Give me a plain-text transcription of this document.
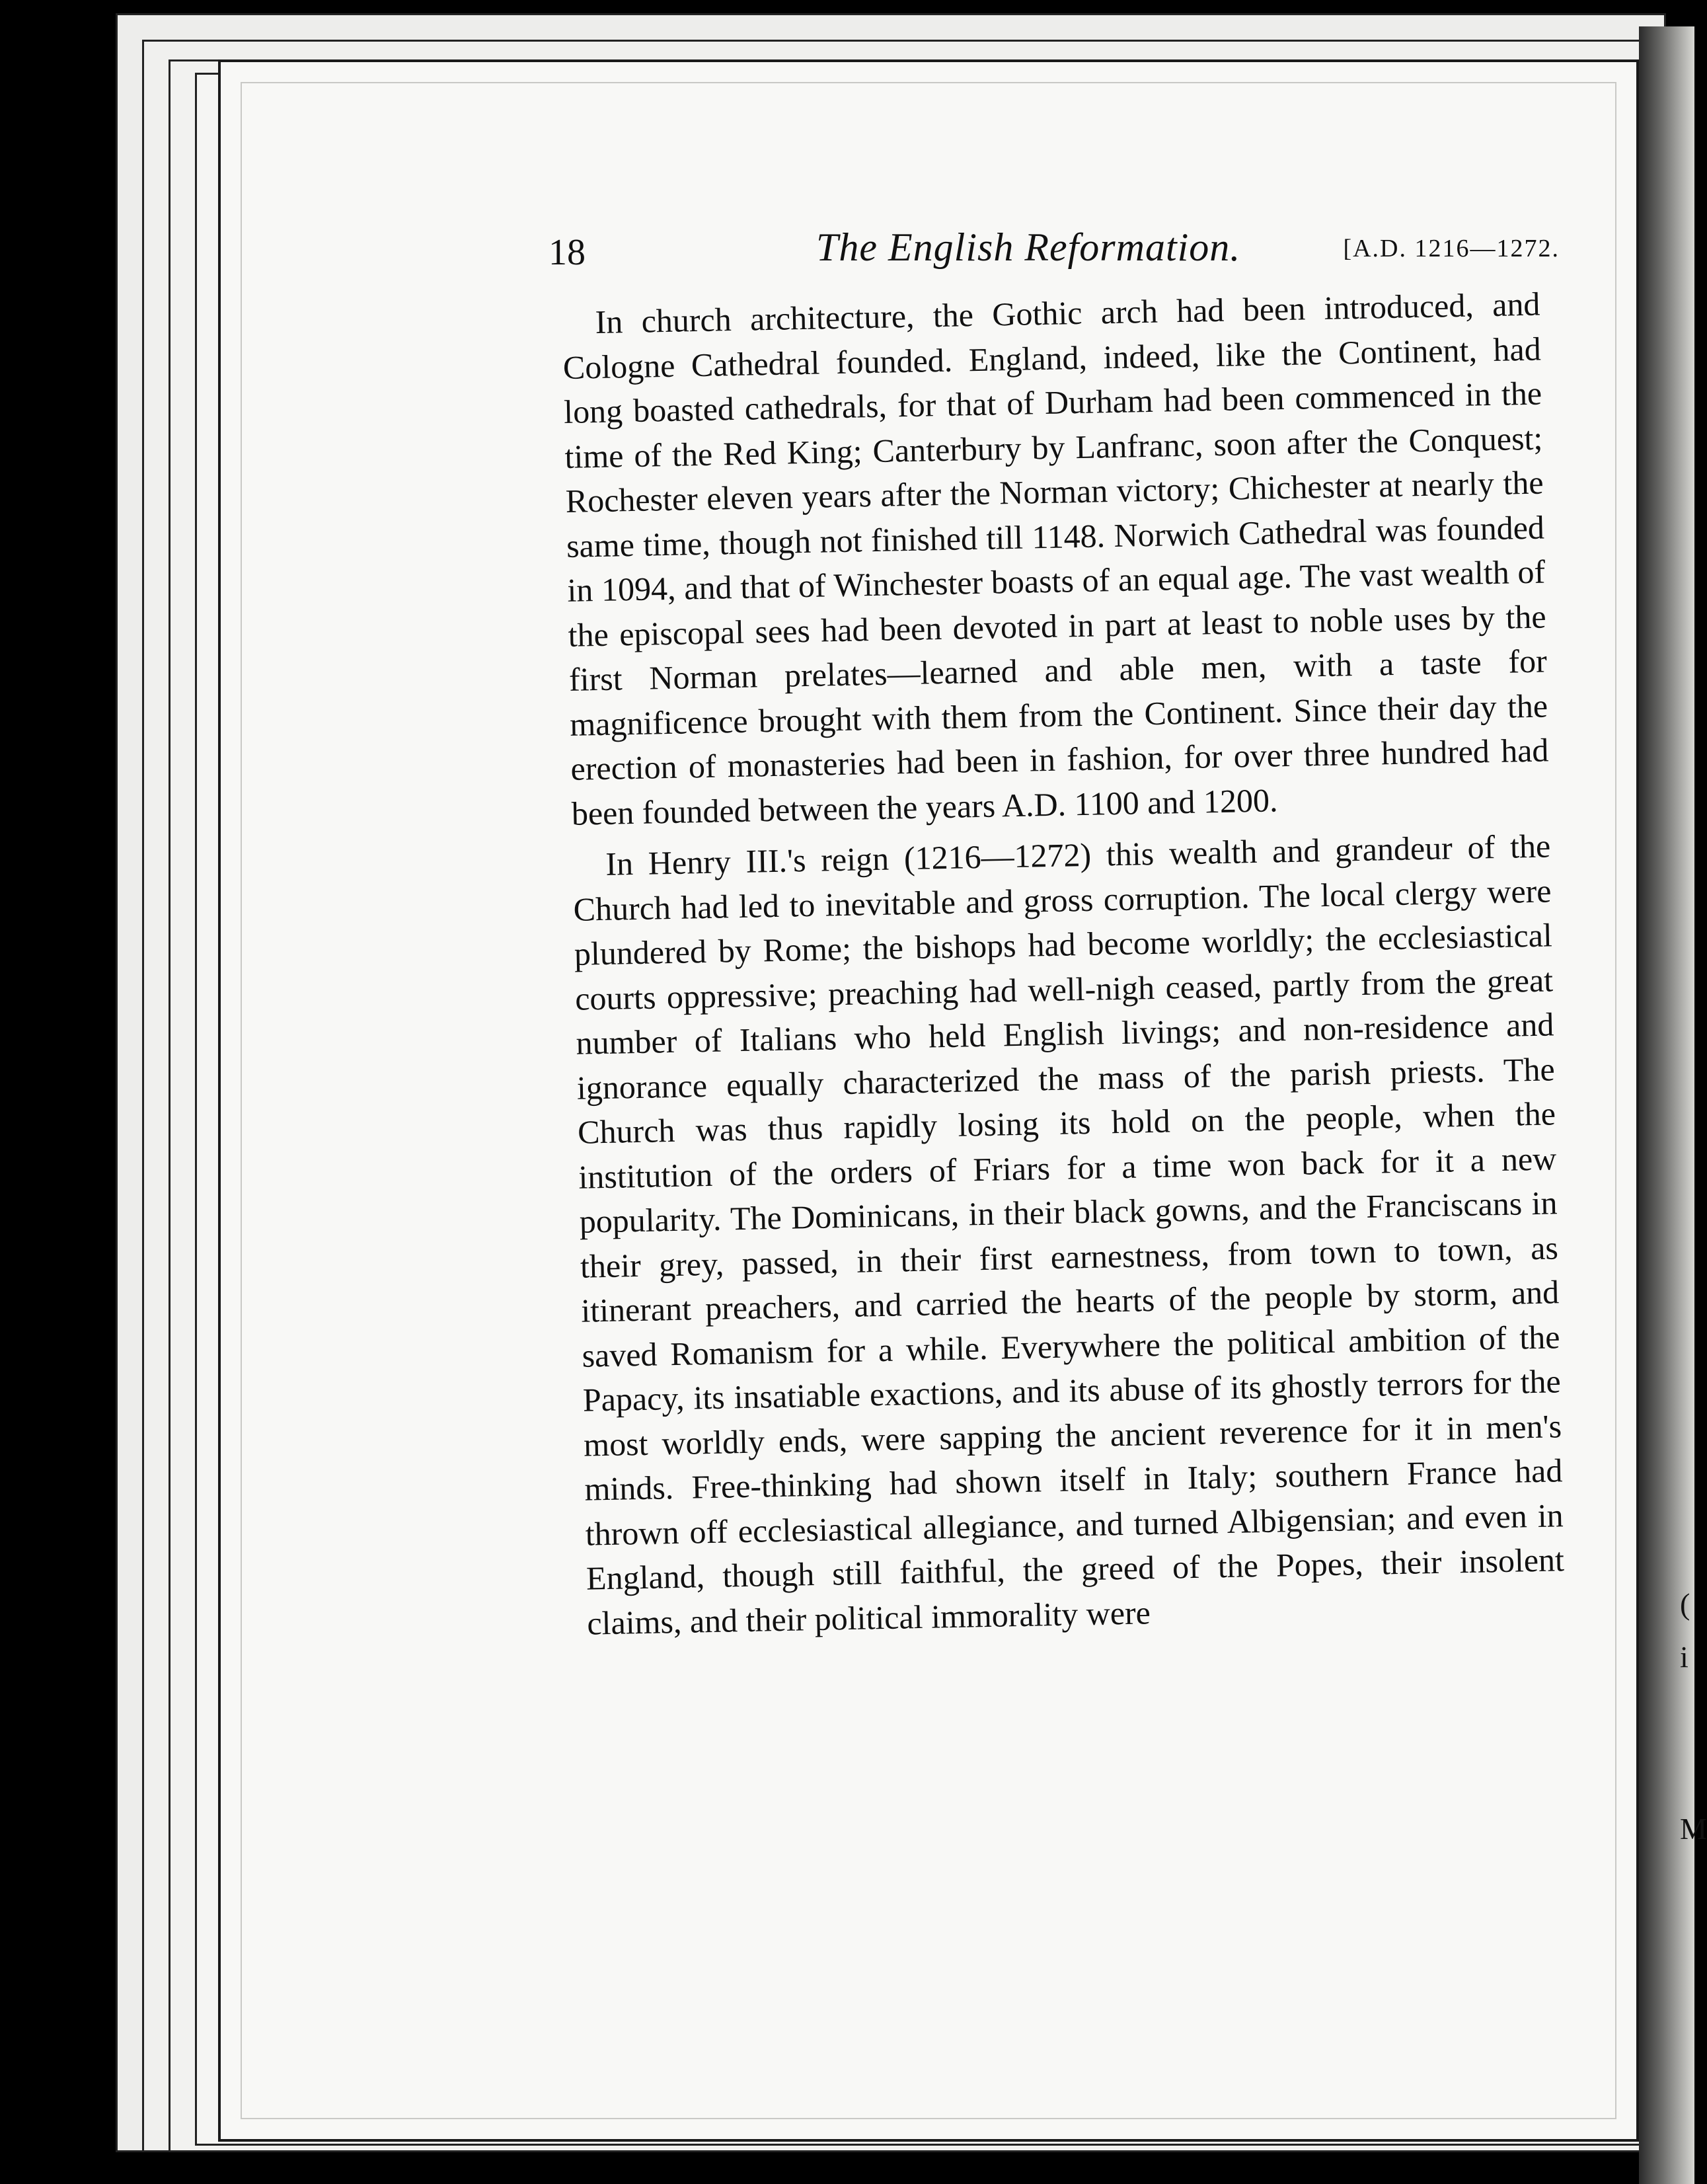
(
i
M
18	The English Reformation.	[A.D. 1216—1272.

In church architecture, the Gothic arch had been introduced, and Cologne Cathedral founded. England, indeed, like the Continent, had long boasted cathedrals, for that of Durham had been commenced in the time of the Red King; Canterbury by Lanfranc, soon after the Conquest; Rochester eleven years after the Norman victory; Chichester at nearly the same time, though not finished till 1148. Norwich Cathedral was founded in 1094, and that of Winchester boasts of an equal age. The vast wealth of the episcopal sees had been devoted in part at least to noble uses by the first Norman prelates—learned and able men, with a taste for magnificence brought with them from the Continent. Since their day the erection of monasteries had been in fashion, for over three hundred had been founded between the years A.D. 1100 and 1200.

In Henry III.'s reign (1216—1272) this wealth and grandeur of the Church had led to inevitable and gross corruption. The local clergy were plundered by Rome; the bishops had become worldly; the ecclesiastical courts oppressive; preaching had well-nigh ceased, partly from the great number of Italians who held English livings; and non-residence and ignorance equally characterized the mass of the parish priests. The Church was thus rapidly losing its hold on the people, when the institution of the orders of Friars for a time won back for it a new popularity. The Dominicans, in their black gowns, and the Franciscans in their grey, passed, in their first earnestness, from town to town, as itinerant preachers, and carried the hearts of the people by storm, and saved Romanism for a while. Everywhere the political ambition of the Papacy, its insatiable exactions, and its abuse of its ghostly terrors for the most worldly ends, were sapping the ancient reverence for it in men's minds. Free-thinking had shown itself in Italy; southern France had thrown off ecclesiastical allegiance, and turned Albigensian; and even in England, though still faithful, the greed of the Popes, their insolent claims, and their political immorality were
